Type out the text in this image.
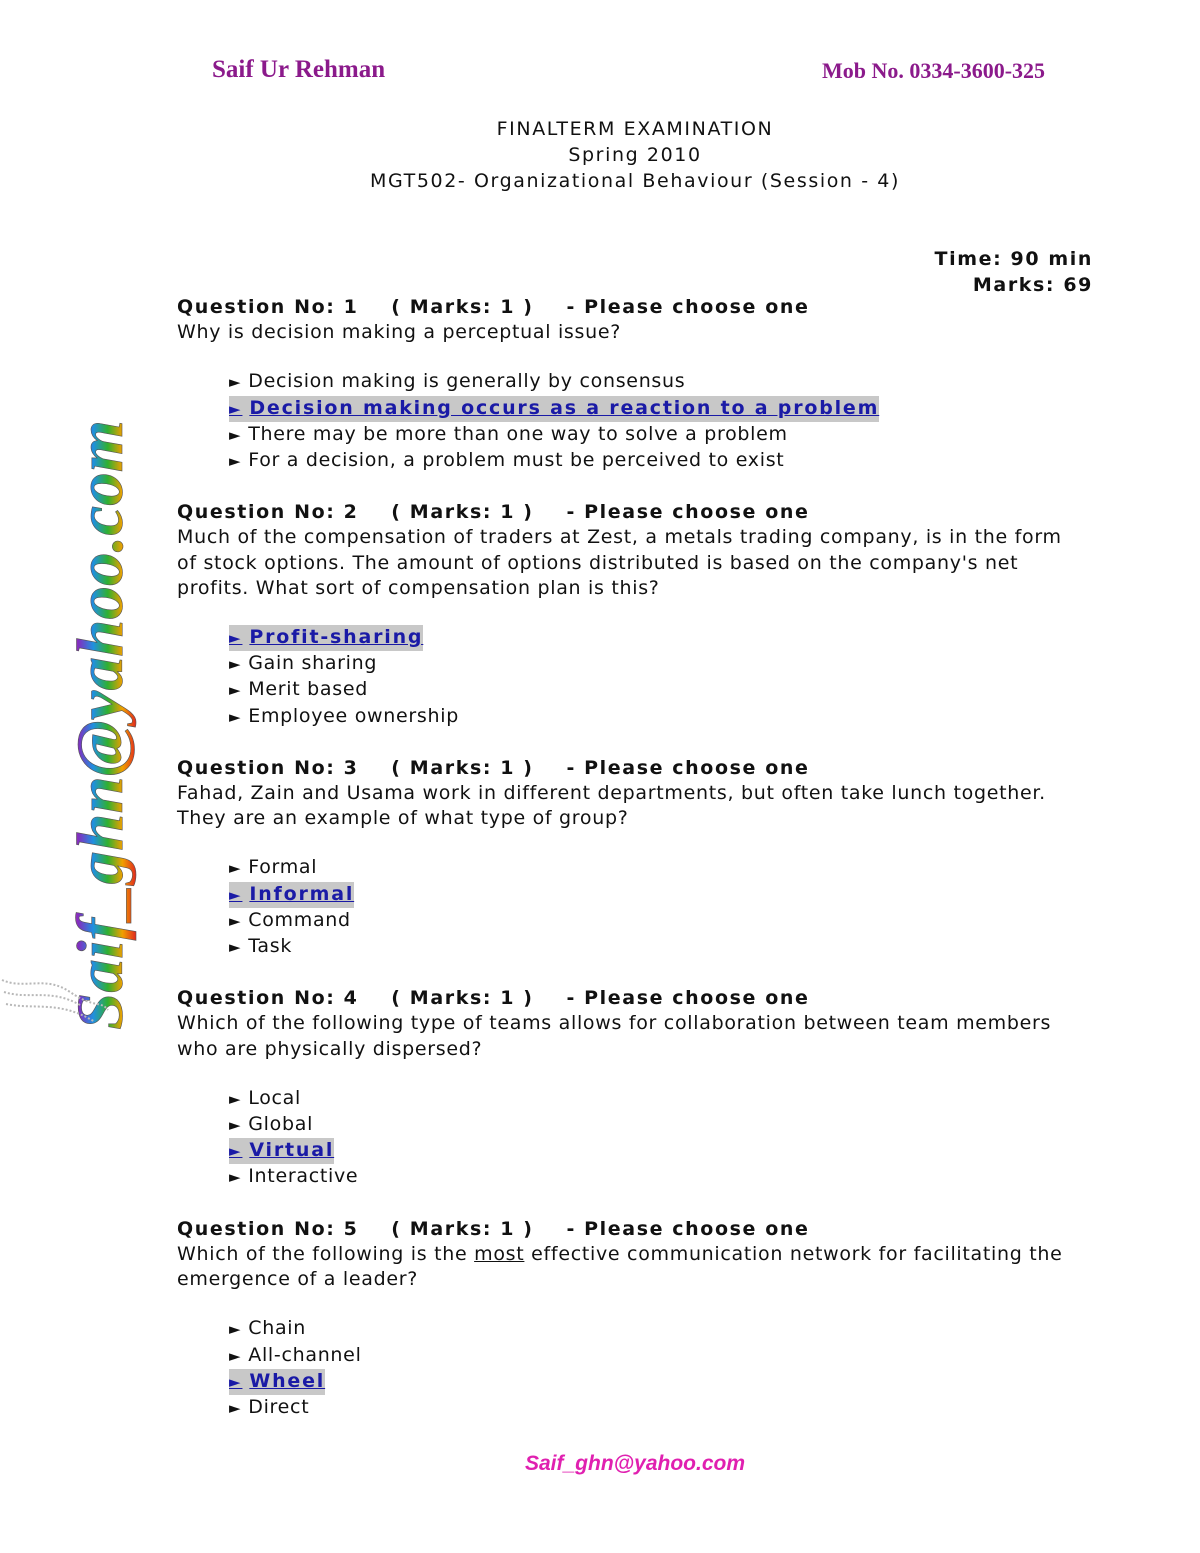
Saif Ur Rehman	Mob No. 0334-3600-325
FINALTERM EXAMINATION
Spring 2010
MGT502- Organizational Behaviour (Session - 4)
Time: 90 min
Marks: 69
Saif_ghn@yahoo.com
Question No: 1    ( Marks: 1 )    - Please choose one

Why is decision making a perceptual issue?

► Decision making is generally by consensus
► Decision making occurs as a reaction to a problem
► There may be more than one way to solve a problem
► For a decision, a problem must be perceived to exist
Question No: 2    ( Marks: 1 )    - Please choose one

Much of the compensation of traders at Zest, a metals trading company, is in the form of stock options. The amount of options distributed is based on the company's net profits. What sort of compensation plan is this?

► Profit-sharing
► Gain sharing
► Merit based
► Employee ownership
Question No: 3    ( Marks: 1 )    - Please choose one

Fahad, Zain and Usama work in different departments, but often take lunch together. They are an example of what type of group?

► Formal
► Informal
► Command
► Task
Question No: 4    ( Marks: 1 )    - Please choose one

Which of the following type of teams allows for collaboration between team members who are physically dispersed?

► Local
► Global
► Virtual
► Interactive
Question No: 5    ( Marks: 1 )    - Please choose one

Which of the following is the most effective communication network for facilitating the emergence of a leader?

► Chain
► All-channel
► Wheel
► Direct
Saif_ghn@yahoo.com
